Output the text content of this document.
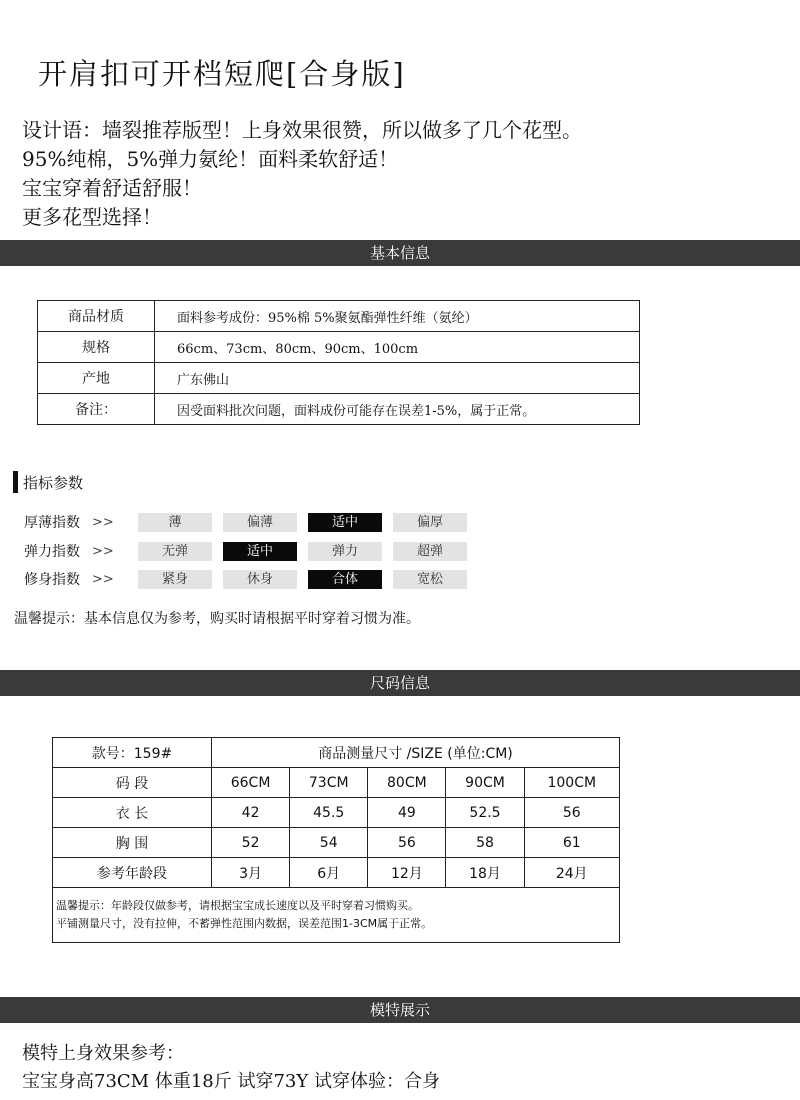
开肩扣可开档短爬[合身版]
设计语：墙裂推荐版型！上身效果很赞，所以做多了几个花型。
95%纯棉，5%弹力氨纶！面料柔软舒适！
宝宝穿着舒适舒服！
更多花型选择！
基本信息
商品材质	面料参考成份：95%棉 5%聚氨酯弹性纤维（氨纶）
规格	66cm、73cm、80cm、90cm、100cm
产地	广东佛山
备注：	因受面料批次问题，面料成份可能存在误差1-5%，属于正常。
指标参数
厚薄指数 >>	薄	偏薄	适中	偏厚
弹力指数 >>	无弹	适中	弹力	超弹
修身指数 >>	紧身	休身	合体	宽松
温馨提示：基本信息仅为参考，购买时请根据平时穿着习惯为准。
尺码信息
款号：159#	商品测量尺寸 /SIZE (单位:CM)				
码 段	66CM	73CM	80CM	90CM	100CM
衣 长	42	45.5	49	52.5	56
胸 围	52	54	56	58	61
参考年龄段	3月	6月	12月	18月	24月

温馨提示：年龄段仅做参考，请根据宝宝成长速度以及平时穿着习惯购买。
平铺测量尺寸，没有拉伸，不蓄弹性范围内数据，误差范围1-3CM属于正常。					
模特展示
模特上身效果参考：
宝宝身高73CM 体重18斤 试穿73Y 试穿体验：合身
